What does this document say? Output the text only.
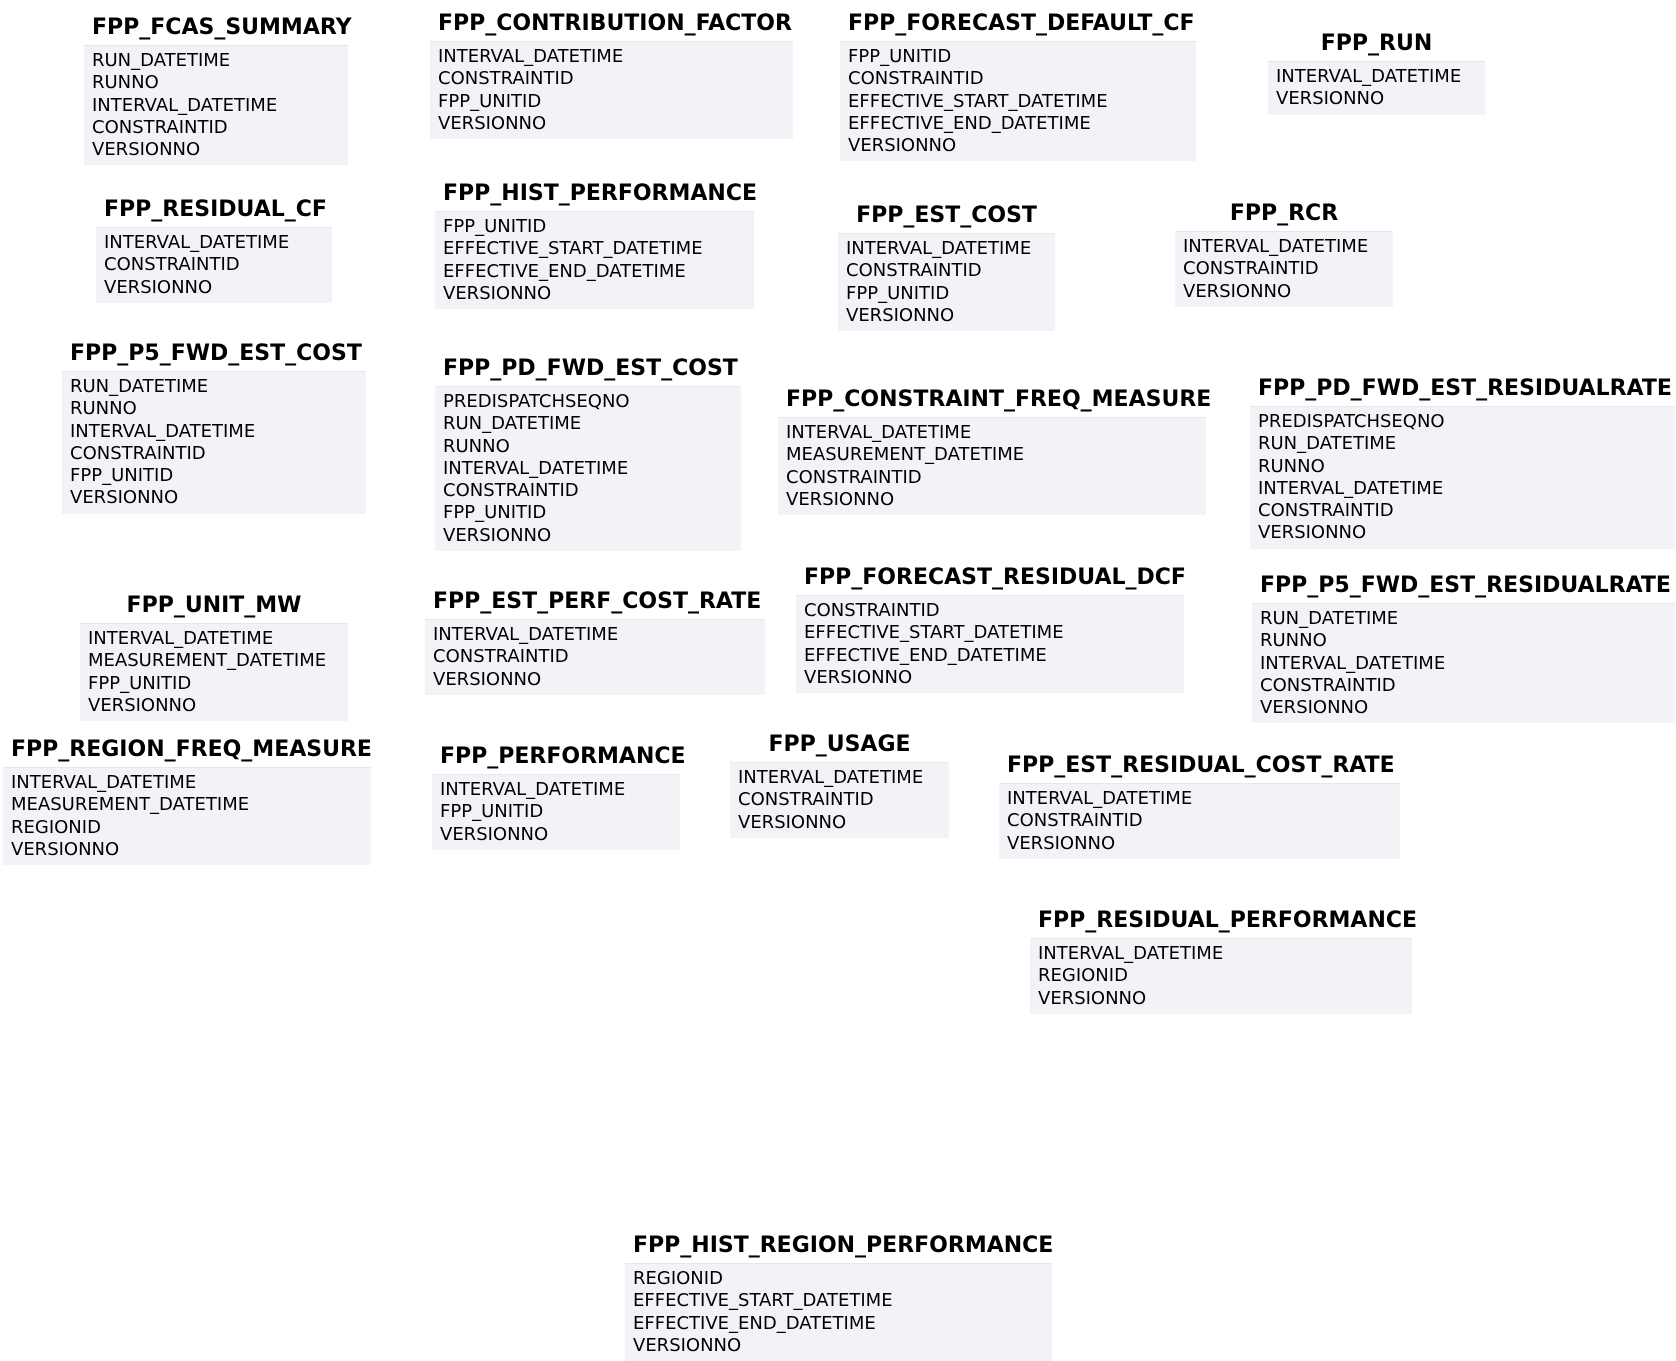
FPP_FCAS_SUMMARY
RUN_DATETIME
RUNNO
INTERVAL_DATETIME
CONSTRAINTID
VERSIONNO
FPP_CONTRIBUTION_FACTOR
INTERVAL_DATETIME
CONSTRAINTID
FPP_UNITID
VERSIONNO
FPP_FORECAST_DEFAULT_CF
FPP_UNITID
CONSTRAINTID
EFFECTIVE_START_DATETIME
EFFECTIVE_END_DATETIME
VERSIONNO
FPP_RUN
INTERVAL_DATETIME
VERSIONNO
FPP_RESIDUAL_CF
INTERVAL_DATETIME
CONSTRAINTID
VERSIONNO
FPP_HIST_PERFORMANCE
FPP_UNITID
EFFECTIVE_START_DATETIME
EFFECTIVE_END_DATETIME
VERSIONNO
FPP_EST_COST
INTERVAL_DATETIME
CONSTRAINTID
FPP_UNITID
VERSIONNO
FPP_RCR
INTERVAL_DATETIME
CONSTRAINTID
VERSIONNO
FPP_P5_FWD_EST_COST
RUN_DATETIME
RUNNO
INTERVAL_DATETIME
CONSTRAINTID
FPP_UNITID
VERSIONNO
FPP_PD_FWD_EST_COST
PREDISPATCHSEQNO
RUN_DATETIME
RUNNO
INTERVAL_DATETIME
CONSTRAINTID
FPP_UNITID
VERSIONNO
FPP_CONSTRAINT_FREQ_MEASURE
INTERVAL_DATETIME
MEASUREMENT_DATETIME
CONSTRAINTID
VERSIONNO
FPP_PD_FWD_EST_RESIDUALRATE
PREDISPATCHSEQNO
RUN_DATETIME
RUNNO
INTERVAL_DATETIME
CONSTRAINTID
VERSIONNO
FPP_UNIT_MW
INTERVAL_DATETIME
MEASUREMENT_DATETIME
FPP_UNITID
VERSIONNO
FPP_EST_PERF_COST_RATE
INTERVAL_DATETIME
CONSTRAINTID
VERSIONNO
FPP_FORECAST_RESIDUAL_DCF
CONSTRAINTID
EFFECTIVE_START_DATETIME
EFFECTIVE_END_DATETIME
VERSIONNO
FPP_P5_FWD_EST_RESIDUALRATE
RUN_DATETIME
RUNNO
INTERVAL_DATETIME
CONSTRAINTID
VERSIONNO
FPP_REGION_FREQ_MEASURE
INTERVAL_DATETIME
MEASUREMENT_DATETIME
REGIONID
VERSIONNO
FPP_PERFORMANCE
INTERVAL_DATETIME
FPP_UNITID
VERSIONNO
FPP_USAGE
INTERVAL_DATETIME
CONSTRAINTID
VERSIONNO
FPP_EST_RESIDUAL_COST_RATE
INTERVAL_DATETIME
CONSTRAINTID
VERSIONNO
FPP_RESIDUAL_PERFORMANCE
INTERVAL_DATETIME
REGIONID
VERSIONNO
FPP_HIST_REGION_PERFORMANCE
REGIONID
EFFECTIVE_START_DATETIME
EFFECTIVE_END_DATETIME
VERSIONNO
